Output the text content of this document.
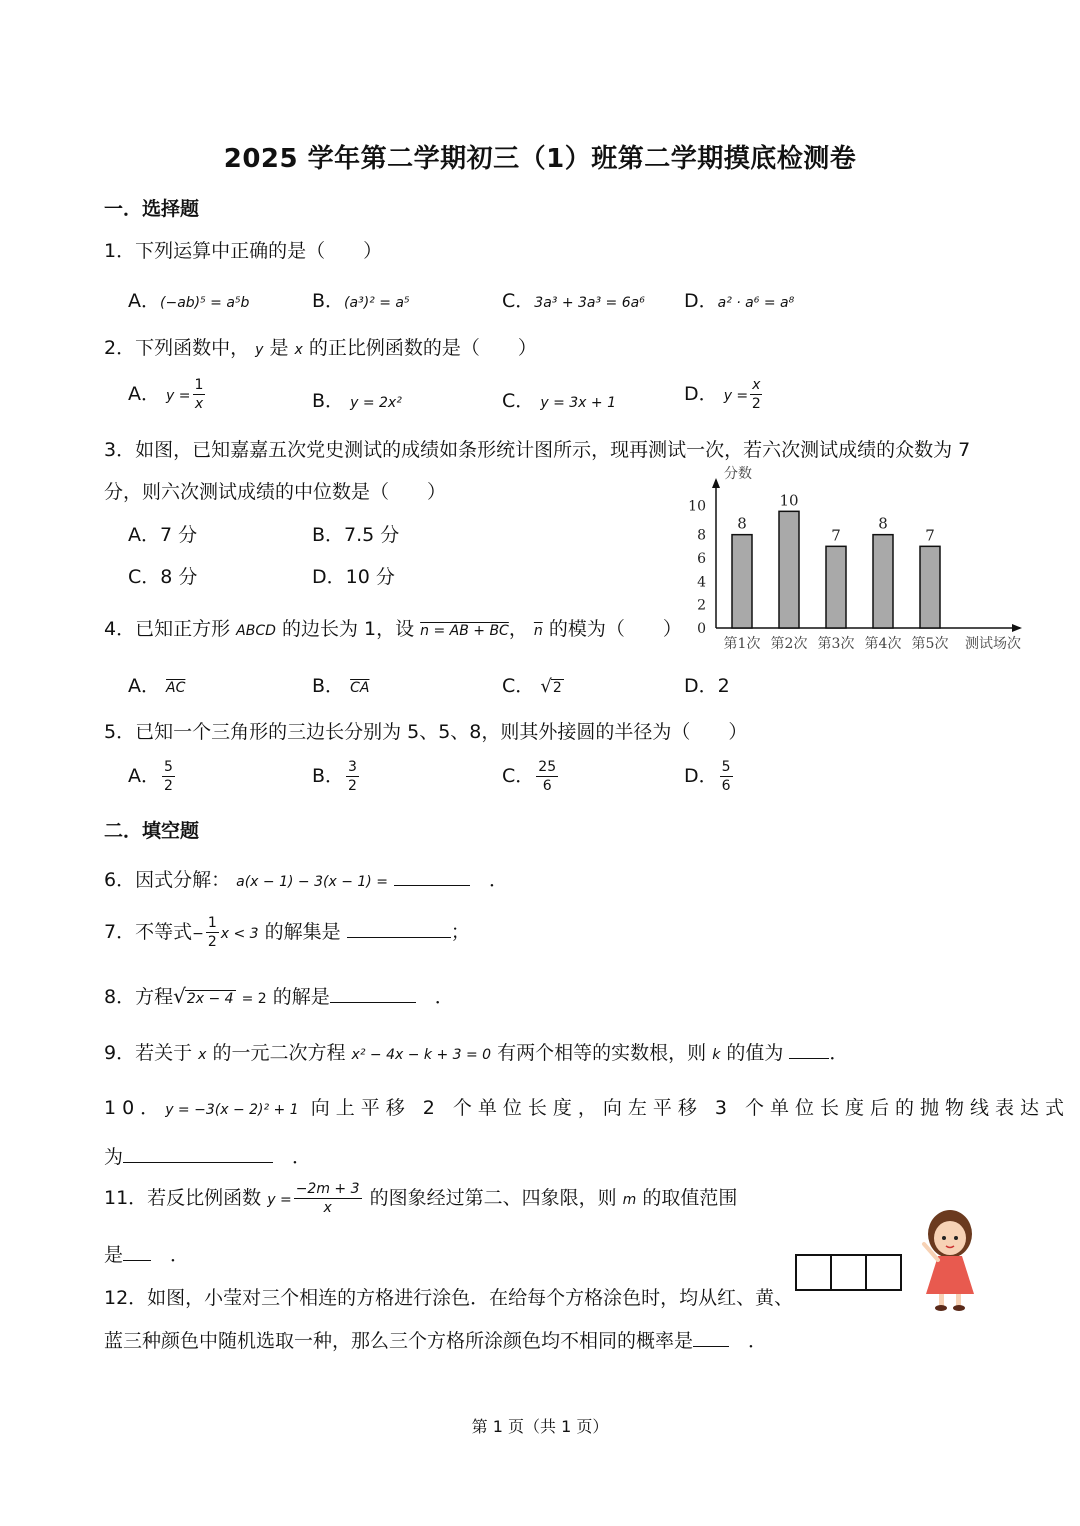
2025 学年第二学期初三（1）班第二学期摸底检测卷
一．选择题
1．下列运算中正确的是（　　）
A．(−ab)⁵ = a⁵b	B．(a³)² = a⁵	C．3a³ + 3a³ = 6a⁶ D．a² · a⁶ = a⁸
2．下列函数中， y 是 x 的正比例函数的是（　　）
A． $y = \frac{1}{x}$	B． y = 2x²	C． y = 3x + 1	D． $y = \frac{x}{2}$
3．如图，已知嘉嘉五次党史测试的成绩如条形统计图所示，现再测试一次，若六次测试成绩的众数为 7
分，则六次测试成绩的中位数是（　　）
A．7 分	B．7.5 分
C．8 分	D．10 分
分数
0
2
4
6
8
10
8
第1次
10
第2次
7
第3次
8
第4次
7
第5次 测试场次
4．已知正方形 ABCD 的边长为 1，设 n = AB + BC， $\overline{n}$ 的模为（　　）
A． $\overline{AC}$	B． $\overline{CA}$	C． √2	D．2
5．已知一个三角形的三边长分别为 5、5、8，则其外接圆的半径为（　　）
A． $\frac{5}{2}$	B． $\frac{3}{2}$	C． $\frac{25}{6}$	D． $\frac{5}{6}$
二．填空题
6．因式分解： a(x − 1) − 3(x − 1) = 　	．
7．不等式− $\frac{1}{2}$ x < 3 的解集是	；
8．方程√2x − 4 = 2 的解是　	．
9．若关于 x 的一元二次方程 x² − 4x − k + 3 = 0 有两个相等的实数根，则 k 的值为 ．
10．y = −3(x − 2)² + 1 向上平移 2 个单位长度，向左平移 3 个单位长度后的抛物线表达式
为　	．
11．若反比例函数 $y = \frac{-2m + 3}{x}$ 的图象经过第二、四象限，则 m 的取值范围
是　 ．
12．如图，小莹对三个相连的方格进行涂色．在给每个方格涂色时，均从红、黄、
蓝三种颜色中随机选取一种，那么三个方格所涂颜色均不相同的概率是　	．
第 1 页（共 1 页）
